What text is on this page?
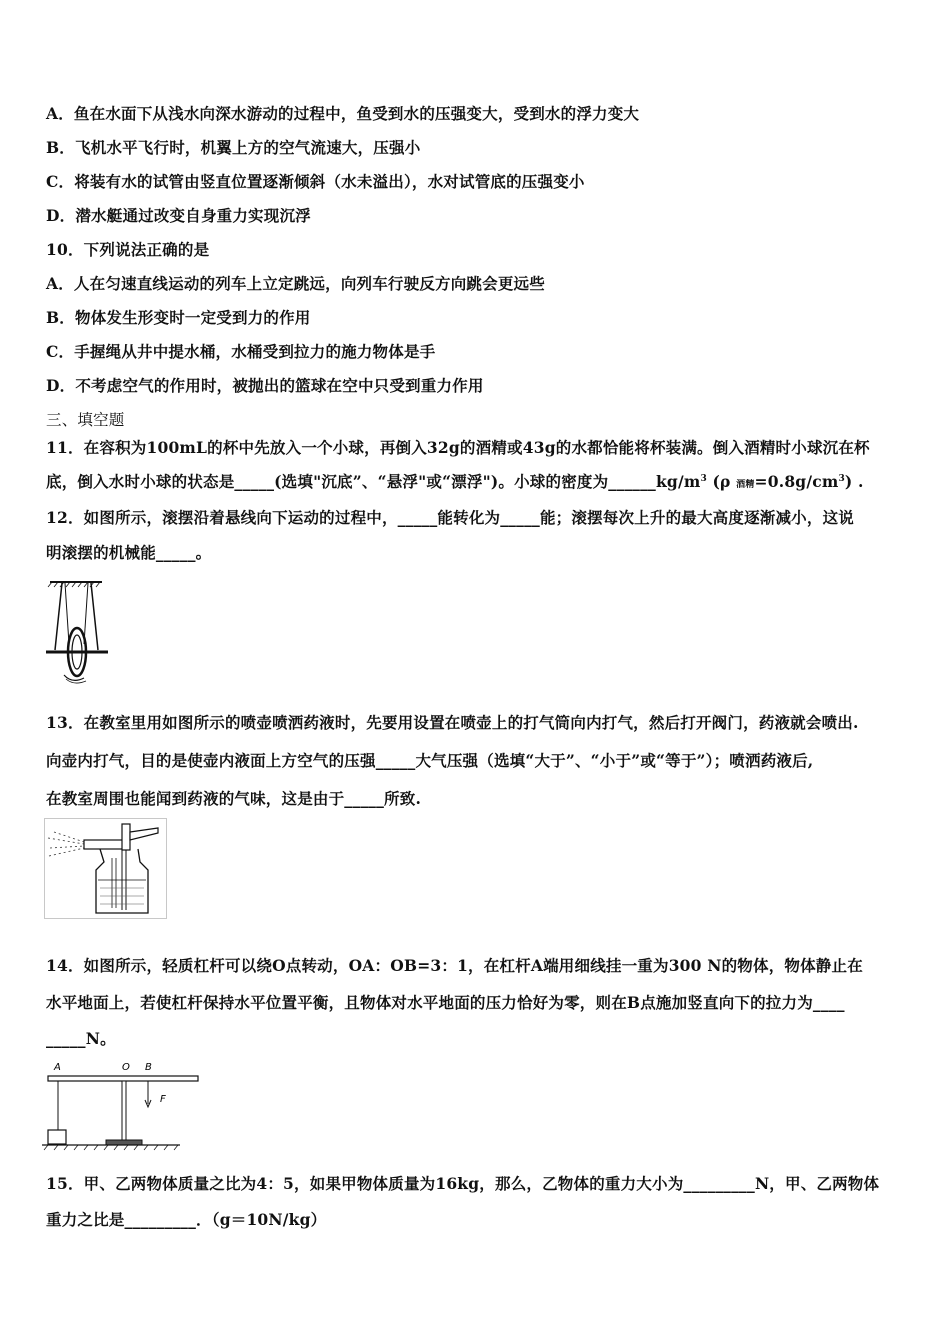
A．鱼在水面下从浅水向深水游动的过程中，鱼受到水的压强变大，受到水的浮力变大
B．飞机水平飞行时，机翼上方的空气流速大，压强小
C．将装有水的试管由竖直位置逐渐倾斜（水未溢出），水对试管底的压强变小
D．潜水艇通过改变自身重力实现沉浮
10．下列说法正确的是
A．人在匀速直线运动的列车上立定跳远，向列车行驶反方向跳会更远些
B．物体发生形变时一定受到力的作用
C．手握绳从井中提水桶，水桶受到拉力的施力物体是手
D．不考虑空气的作用时，被抛出的篮球在空中只受到重力作用
三、填空题
11．在容积为100mL的杯中先放入一个小球，再倒入32g的酒精或43g的水都恰能将杯装满。倒入酒精时小球沉在杯
底，倒入水时小球的状态是_____(选填"沉底”、“悬浮"或“漂浮")。小球的密度为$\_\_\_\_\_\_kg/m^3$ (ρ 酒精$=0.8g/cm^3$) .
12．如图所示，滚摆沿着悬线向下运动的过程中，_____能转化为_____能；滚摆每次上升的最大高度逐渐减小，这说
明滚摆的机械能_____。
13．在教室里用如图所示的喷壶喷洒药液时，先要用设置在喷壶上的打气筒向内打气，然后打开阀门，药液就会喷出.
向壶内打气，目的是使壶内液面上方空气的压强_____大气压强（选填“大于”、“小于”或“等于”）；喷洒药液后,
在教室周围也能闻到药液的气味，这是由于_____所致.
14．如图所示，轻质杠杆可以绕O点转动，OA：OB=3：1，在杠杆A端用细线挂一重为300 N的物体，物体静止在
水平地面上，若使杠杆保持水平位置平衡，且物体对水平地面的压力恰好为零，则在B点施加竖直向下的拉力为____
_____N。
A	O B
F
15．甲、乙两物体质量之比为4：5，如果甲物体质量为16kg，那么，乙物体的重力大小为_________N，甲、乙两物体
重力之比是_________．（g＝10N/kg）
